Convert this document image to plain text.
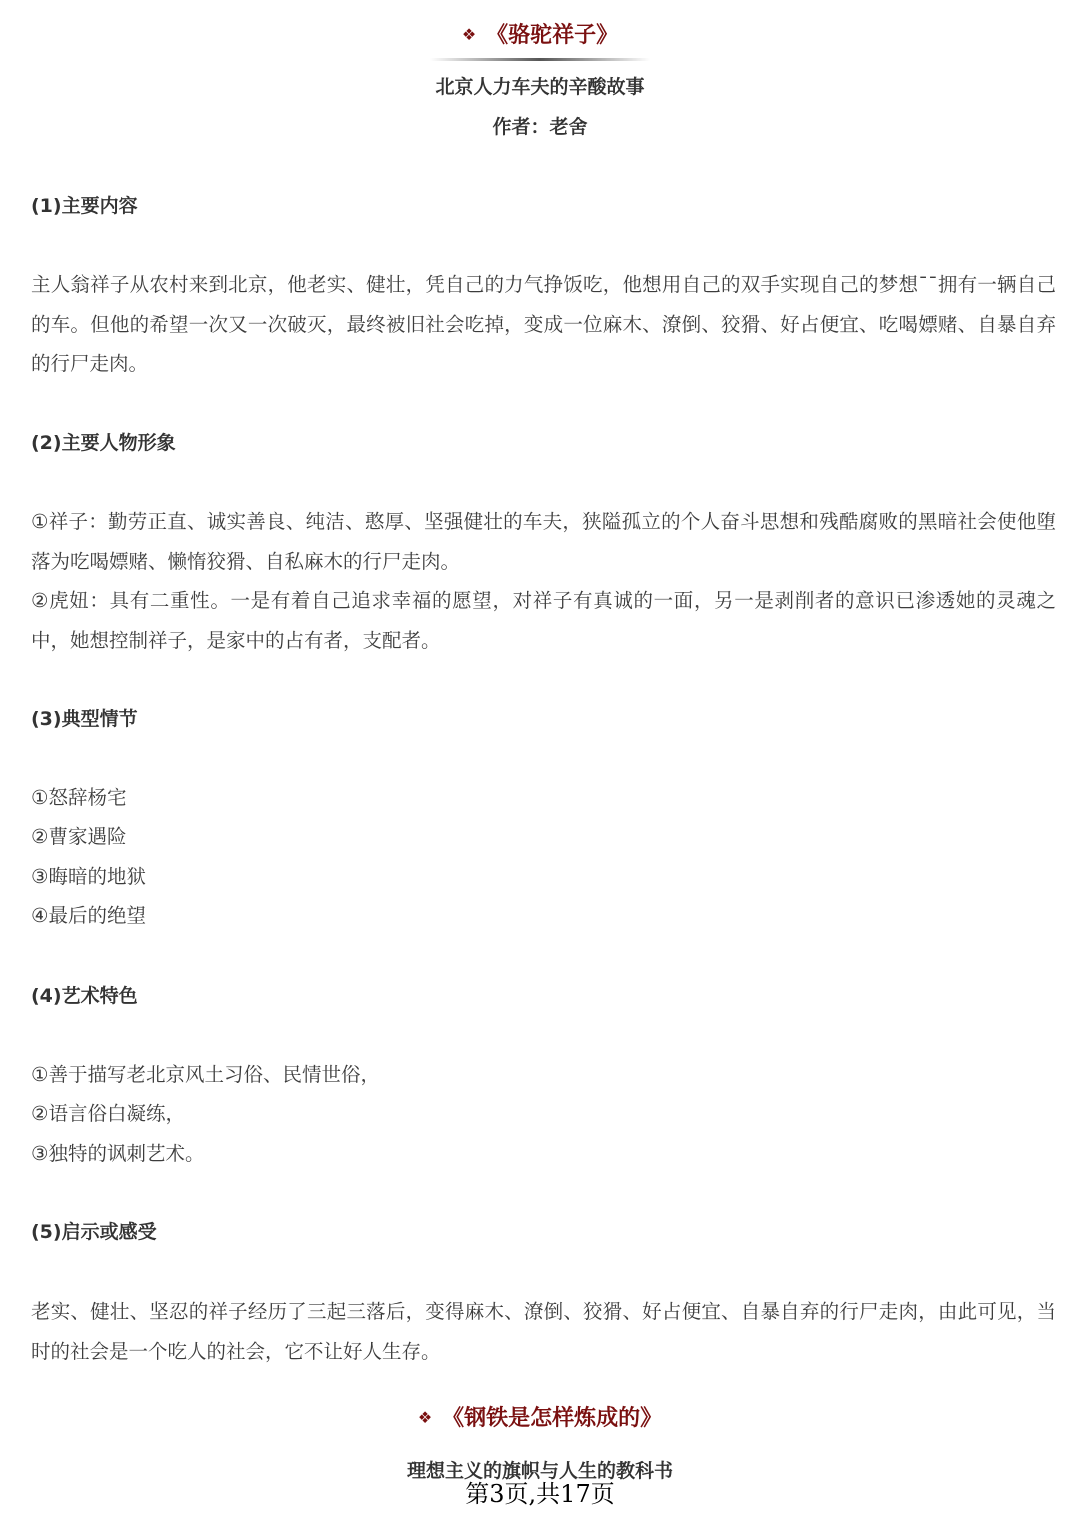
❖ 《骆驼祥子》
北京人力车夫的辛酸故事
作者：老舍
(1)主要内容

主人翁祥子从农村来到北京，他老实、健壮，凭自己的力气挣饭吃，他想用自己的双手实现自己的梦想¯¯拥有一辆自己的车。但他的希望一次又一次破灭，最终被旧社会吃掉，变成一位麻木、潦倒、狡猾、好占便宜、吃喝嫖赌、自暴自弃的行尸走肉。

(2)主要人物形象

①祥子：勤劳正直、诚实善良、纯洁、憨厚、坚强健壮的车夫，狭隘孤立的个人奋斗思想和残酷腐败的黑暗社会使他堕落为吃喝嫖赌、懒惰狡猾、自私麻木的行尸走肉。

②虎妞：具有二重性。一是有着自己追求幸福的愿望，对祥子有真诚的一面，另一是剥削者的意识已渗透她的灵魂之中，她想控制祥子，是家中的占有者，支配者。

(3)典型情节
①怒辞杨宅
②曹家遇险
③晦暗的地狱
④最后的绝望
(4)艺术特色
①善于描写老北京风土习俗、民情世俗，
②语言俗白凝练，
③独特的讽刺艺术。
(5)启示或感受

老实、健壮、坚忍的祥子经历了三起三落后，变得麻木、潦倒、狡猾、好占便宜、自暴自弃的行尸走肉，由此可见，当时的社会是一个吃人的社会，它不让好人生存。

❖ 《钢铁是怎样炼成的》
理想主义的旗帜与人生的教科书
第3页,共17页
